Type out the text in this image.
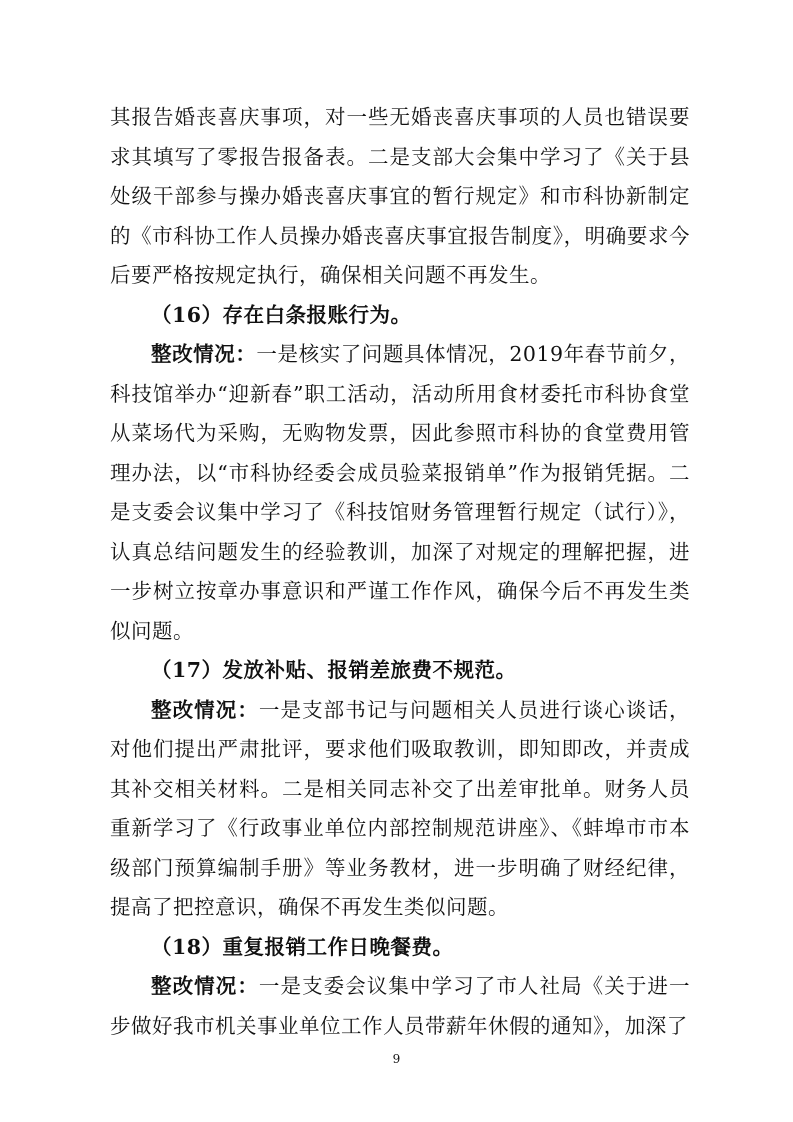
其报告婚丧喜庆事项，对一些无婚丧喜庆事项的人员也错误要求其填写了零报告报备表。二是支部大会集中学习了《关于县处级干部参与操办婚丧喜庆事宜的暂行规定》和市科协新制定的《市科协工作人员操办婚丧喜庆事宜报告制度》，明确要求今后要严格按规定执行，确保相关问题不再发生。

（16）存在白条报账行为。

整改情况：一是核实了问题具体情况，2019年春节前夕，科技馆举办“迎新春”职工活动，活动所用食材委托市科协食堂从菜场代为采购，无购物发票，因此参照市科协的食堂费用管理办法，以“市科协经委会成员验菜报销单”作为报销凭据。二是支委会议集中学习了《科技馆财务管理暂行规定（试行）》，认真总结问题发生的经验教训，加深了对规定的理解把握，进一步树立按章办事意识和严谨工作作风，确保今后不再发生类似问题。

（17）发放补贴、报销差旅费不规范。

整改情况：一是支部书记与问题相关人员进行谈心谈话，对他们提出严肃批评，要求他们吸取教训，即知即改，并责成其补交相关材料。二是相关同志补交了出差审批单。财务人员重新学习了《行政事业单位内部控制规范讲座》、《蚌埠市市本级部门预算编制手册》等业务教材，进一步明确了财经纪律，提高了把控意识，确保不再发生类似问题。

（18）重复报销工作日晚餐费。

整改情况：一是支委会议集中学习了市人社局《关于进一步做好我市机关事业单位工作人员带薪年休假的通知》，加深了

9
